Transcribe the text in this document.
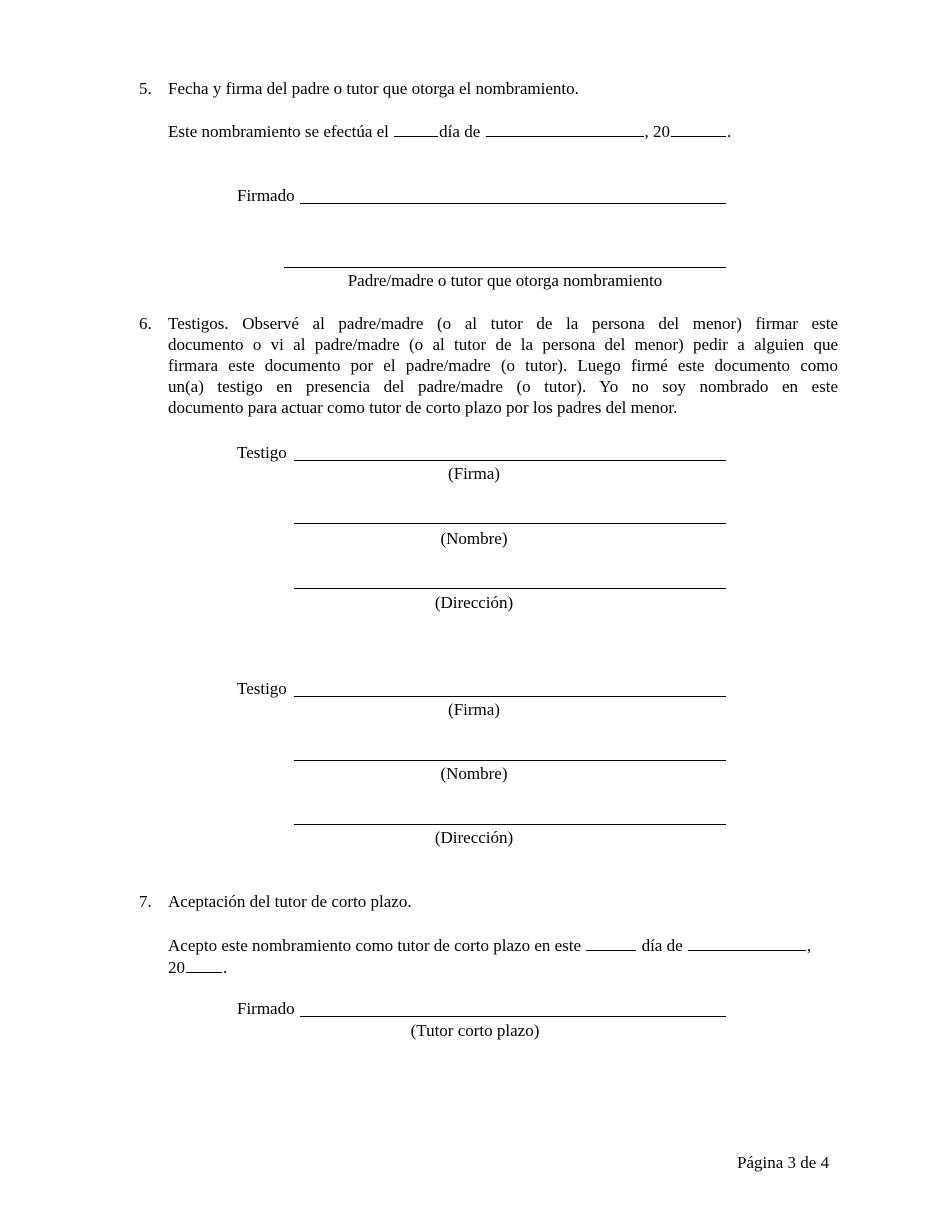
5. Fecha y firma del padre o tutor que otorga el nombramiento.
Este nombramiento se efectúa el	día de	, 20	.
Firmado
Padre/madre o tutor que otorga nombramiento
6. Testigos. Observé al padre/madre (o al tutor de la persona del menor) firmar este
documento o vi al padre/madre (o al tutor de la persona del menor) pedir a alguien que
firmara este documento por el padre/madre (o tutor). Luego firmé este documento como
un(a) testigo en presencia del padre/madre (o tutor). Yo no soy nombrado en este
documento para actuar como tutor de corto plazo por los padres del menor.
Testigo
(Firma)
(Nombre)
(Dirección)
Testigo
(Firma)
(Nombre)
(Dirección)
7. Aceptación del tutor de corto plazo.
Acepto este nombramiento como tutor de corto plazo en este	día de	,
20 .
Firmado
(Tutor corto plazo)
Página 3 de 4
